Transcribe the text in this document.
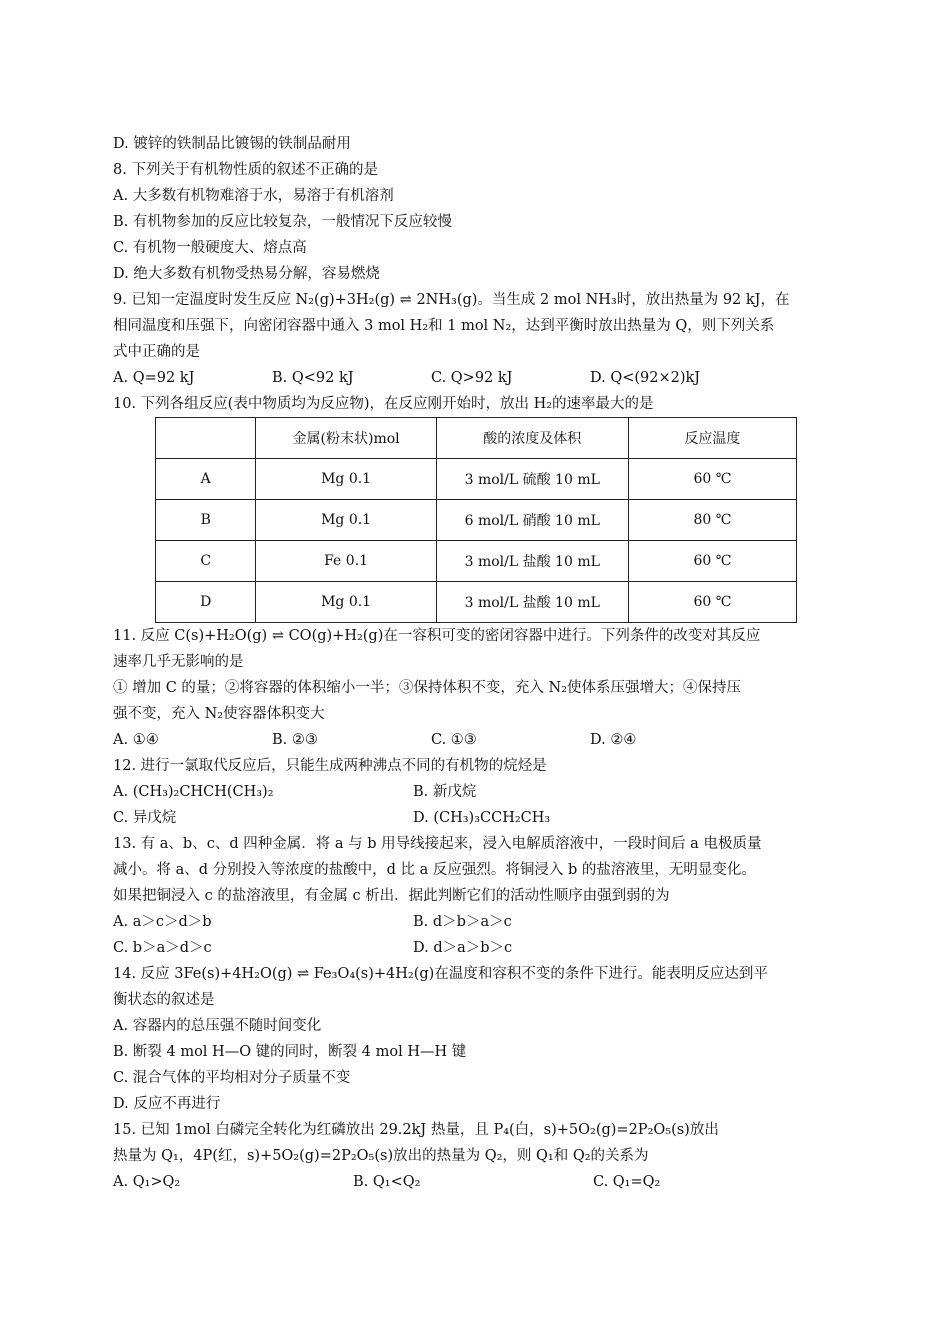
D. 镀锌的铁制品比镀锡的铁制品耐用
8. 下列关于有机物性质的叙述不正确的是
A. 大多数有机物难溶于水，易溶于有机溶剂
B. 有机物参加的反应比较复杂，一般情况下反应较慢
C. 有机物一般硬度大、熔点高
D. 绝大多数有机物受热易分解，容易燃烧
9. 已知一定温度时发生反应 N₂(g)+3H₂(g) ⇌ 2NH₃(g)。当生成 2 mol NH₃时，放出热量为 92 kJ，在
相同温度和压强下，向密闭容器中通入 3 mol H₂和 1 mol N₂，达到平衡时放出热量为 Q，则下列关系
式中正确的是
A. Q=92 kJ	B. Q<92 kJ	C. Q>92 kJ	D. Q<(92×2)kJ
10. 下列各组反应(表中物质均为反应物)，在反应刚开始时，放出 H₂的速率最大的是
	金属(粉末状)mol	酸的浓度及体积	反应温度
A	Mg 0.1	3 mol/L 硫酸 10 mL	60 ℃
B	Mg 0.1	6 mol/L 硝酸 10 mL	80 ℃
C	Fe 0.1	3 mol/L 盐酸 10 mL	60 ℃
D	Mg 0.1	3 mol/L 盐酸 10 mL	60 ℃
11. 反应 C(s)+H₂O(g) ⇌ CO(g)+H₂(g)在一容积可变的密闭容器中进行。下列条件的改变对其反应
速率几乎无影响的是
① 增加 C 的量；②将容器的体积缩小一半；③保持体积不变，充入 N₂使体系压强增大；④保持压
强不变，充入 N₂使容器体积变大
A. ①④	B. ②③	C. ①③	D. ②④
12. 进行一氯取代反应后，只能生成两种沸点不同的有机物的烷烃是
A. (CH₃)₂CHCH(CH₃)₂	B. 新戊烷
C. 异戊烷	D. (CH₃)₃CCH₂CH₃
13. 有 a、b、c、d 四种金属．将 a 与 b 用导线接起来，浸入电解质溶液中，一段时间后 a 电极质量
减小。将 a、d 分别投入等浓度的盐酸中，d 比 a 反应强烈。将铜浸入 b 的盐溶液里，无明显变化。
如果把铜浸入 c 的盐溶液里，有金属 c 析出．据此判断它们的活动性顺序由强到弱的为
A. a＞c＞d＞b	B. d＞b＞a＞c
C. b＞a＞d＞c	D. d＞a＞b＞c
14. 反应 3Fe(s)+4H₂O(g) ⇌ Fe₃O₄(s)+4H₂(g)在温度和容积不变的条件下进行。能表明反应达到平
衡状态的叙述是
A. 容器内的总压强不随时间变化
B. 断裂 4 mol H—O 键的同时，断裂 4 mol H—H 键
C. 混合气体的平均相对分子质量不变
D. 反应不再进行
15. 已知 1mol 白磷完全转化为红磷放出 29.2kJ 热量，且 P₄(白，s)+5O₂(g)=2P₂O₅(s)放出
热量为 Q₁，4P(红，s)+5O₂(g)=2P₂O₅(s)放出的热量为 Q₂，则 Q₁和 Q₂的关系为
A. Q₁>Q₂	B. Q₁<Q₂	C. Q₁=Q₂
